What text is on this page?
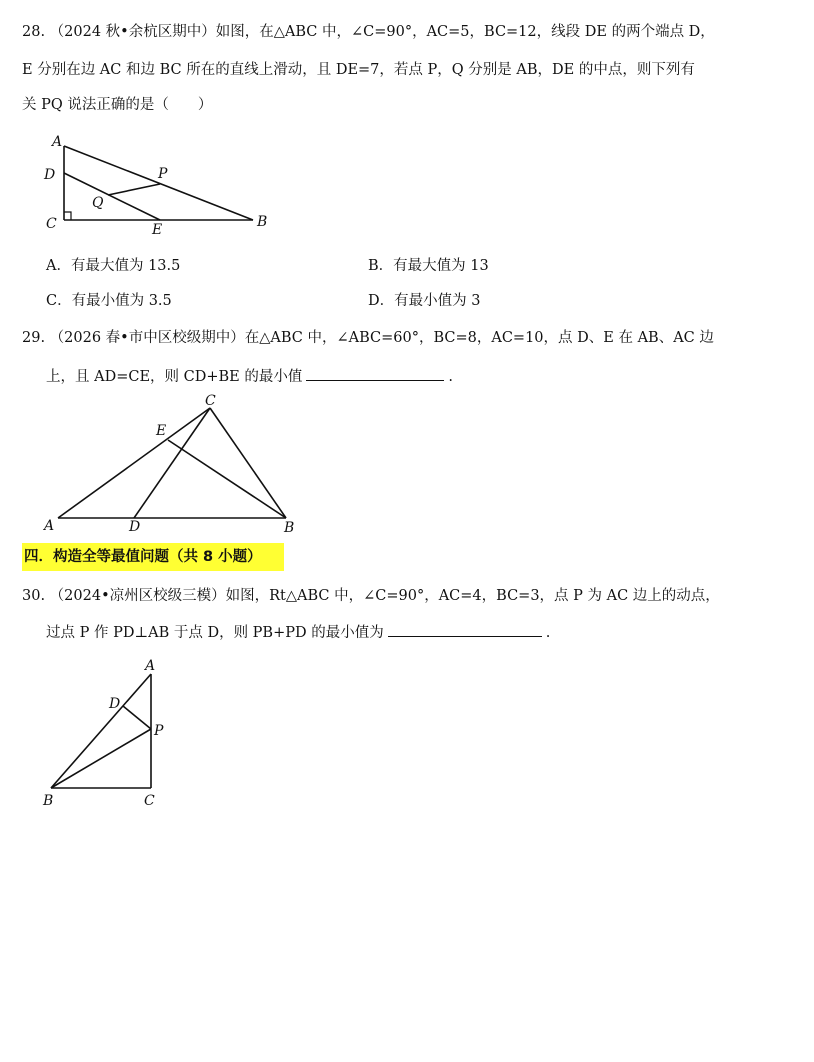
28. （2024 秋•余杭区期中）如图，在△ABC 中，∠C=90°，AC=5，BC=12，线段 DE 的两个端点 D，
E 分别在边 AC 和边 BC 所在的直线上滑动，且 DE=7，若点 P，Q 分别是 AB，DE 的中点，则下列有
关 PQ 说法正确的是（　　）
A
D
C
Q
P
E	B
A．有最大值为 13.5	B．有最大值为 13
C．有最小值为 3.5	D．有最小值为 3
29. （2026 春•市中区校级期中）在△ABC 中，∠ABC=60°，BC=8，AC=10，点 D、E 在 AB、AC 边
上，且 AD=CE，则 CD+BE 的最小值	.
C
E
A	D	B
四．构造全等最值问题（共 8 小题）
30. （2024•凉州区校级三模）如图，Rt△ABC 中，∠C=90°，AC=4，BC=3，点 P 为 AC 边上的动点，
过点 P 作 PD⊥AB 于点 D，则 PB+PD 的最小值为	.
A
D
P
B	C
